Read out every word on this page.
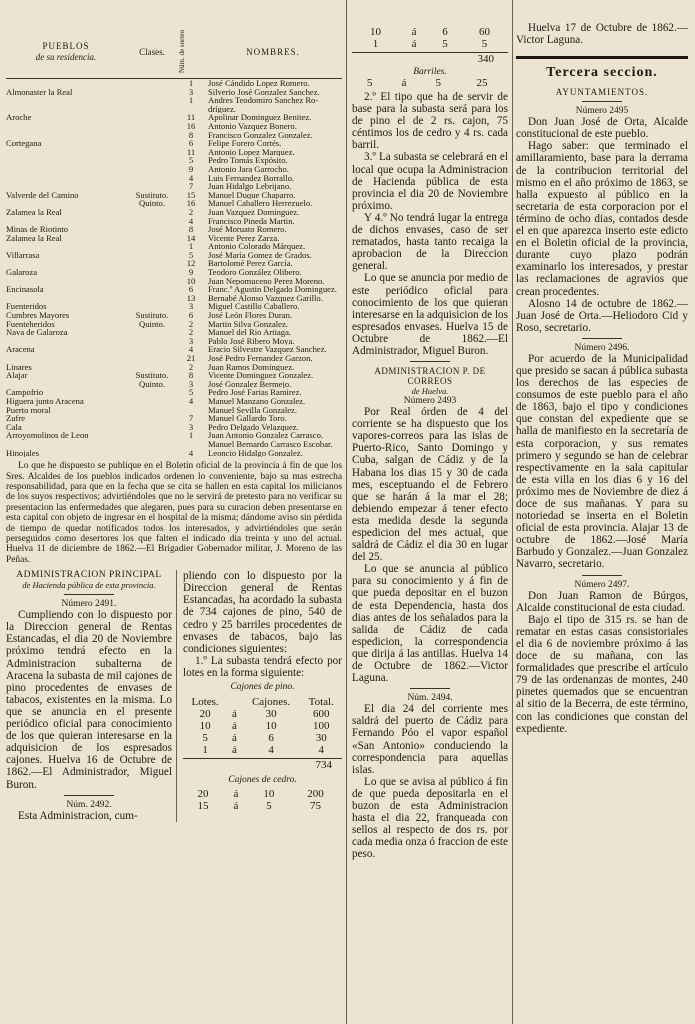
PUEBLOS
de su residencia.	Clases.	Núm. de sorteo	NOMBRES.
		1	José Cándido Lopez Romero.
Almonaster la Real		3	Silverio José Gonzalez Sanchez.
		1	Andres Teodomiro Sanchez Ro-
			dríguez.
Aroche		11	Apolinar Dominguez Benitez.
		16	Antonio Vazquez Bonero.
		8	Francisco Gonzalez Gonzalez.
Cortegana		6	Felipe Forero Cortés.
		11	Antonio Lopez Marquez.
		5	Pedro Tomás Expósito.
		9	Antonio Jara Garrocho.
		4	Luis Fernandez Borrallo.
		7	Juan Hidalgo Lebrijano.
Valverde del Camino	Sustituto.	15	Manuel Duque Chaparro.
	Quinto.	16	Manuel Caballero Herrezuelo.
Zalamea la Real		2	Juan Vazquez Dominguez.
		4	Francisco Pineda Martin.
Minas de Riotinto		8	José Moruato Romero.
Zalamea la Real		14	Vicente Perez Zarza.
		1	Antonio Colorado Márquez.
Villarrasa		5	José María Gomez de Grados.
		12	Bartolomé Perez García.
Galaroza		9	Teodoro González Olibero.
		10	Juan Nepomuceno Perez Moreno.
Encinasola		6	Franc.º Agustin Delgado Dominguez.
		13	Bernabé Alonso Vazquez Garillo.
Fuenteridos		3	Miguel Castillo Caballero.
Cumbres Mayores	Sustituto.	6	José León Flores Duran.
Fuenteheridos	Quinto.	2	Martin Silva Gonzalez.
Nava de Galaroza		2	Manuel del Rio Artiaga.
		3	Pablo José Ribero Moya.
Aracena		4	Eracio Silvestre Vazquez Sanchez.
		21	José Pedro Fernandez Garzon.
Linares		2	Juan Ramos Dominguez.
Alajar	Sustituto.	8	Vicente Dominguez Gonzalez.
	Quinto.	3	José Gonzalez Bermejo.
Campofrio		5	Pedro José Farias Ramirez.
Higuera junto Aracena		4	Manuel Manzano Gonzalez.
Puerto moral			Manuel Sevilla Gonzalez.
Zufre		7	Manuel Gallardo Toro.
Cala		3	Pedro Delgado Velazquez.
Arroyomolinos de Leon		1	Juan Antonio Gonzalez Carrasco.
			Manuel Bernardo Carrasco Escobar.
Hinojales		4	Leoncio Hidalgo Gonzalez.

Lo que he dispuesto se publique en el Boletin oficial de la provincia á fin de que los Sres. Alcaldes de los pueblos indicados ordenen lo conveniente, bajo su mas estrecha responsabilidad, para que en la fecha que se cita se hallen en esta capital los milicianos de los suyos respectivos; advirtiéndoles que no le servirá de pretesto para no verificar su presentacion las enfermedades que alegaren, pues para su curacion deben presentarse en esta capital con objeto de ingresar en el hospital de la misma; dándome aviso sin pérdida de tiempo de quedar notificados todos los interesados, y advirtiéndoles que serán perseguidos como desertores los que falten el indicado dia treinta y uno del actual. Huelva 11 de diciembre de 1862.—El Brigadier Gobernador militar, J. Moreno de las Peñas.

ADMINISTRACION PRINCIPAL
de Hacienda pública de esta provincia.
Número 2491.

Cumpliendo con lo dispuesto por la Direccion general de Rentas Estancadas, el dia 20 de Noviembre próximo tendrá efecto en la Administracion subalterna de Aracena la subasta de mil cajones de pino procedentes de envases de tabacos, existentes en la misma. Lo que se anuncia en el presente periódico oficial para conocimiento de los que quieran interesarse en la adquisicion de los espresados cajones. Huelva 16 de Octubre de 1862.—El Administrador, Miguel Buron.

Núm. 2492.

Esta Administracion, cum-

pliendo con lo dispuesto por la Direccion general de Rentas Estancadas, ha acordado la subasta de 734 cajones de pino, 540 de cedro y 25 barriles procedentes de envases de tabacos, bajo las condiciones siguientes:

1.º La subasta tendrá efecto por lotes en la forma siguiente:

Cajones de pino.
Lotes.		Cajones.	Total.
20	á	30	600
10	á	10	100
5	á	6	30
1	á	4	4
734
Cajones de cedro.
20	á	10	200
15	á	5	75
10	á	6	60
1	á	5	5
340
Barriles.
5	á	5	25

2.º El tipo que ha de servir de base para la subasta será para los de pino el de 2 rs. cajon, 75 céntimos los de cedro y 4 rs. cada barril.

3.º La subasta se celebrará en el local que ocupa la Administracion de Hacienda pública de esta provincia el dia 20 de Noviembre próximo.

Y 4.º No tendrá lugar la entrega de dichos envases, caso de ser rematados, hasta tanto recaiga la aprobacion de la Direccion general.

Lo que se anuncia por medio de este periódico oficial para conocimiento de los que quieran interesarse en la adquisicion de los espresados envases. Huelva 15 de Octubre de 1862.—El Administrador, Miguel Buron.

ADMINISTRACION P. DE CORREOS
de Huelva.
Número 2493

Por Real órden de 4 del corriente se ha dispuesto que los vapores-correos para las islas de Puerto-Rico, Santo Domingo y Cuba, salgan de Cádiz y de la Habana los dias 15 y 30 de cada mes, esceptuando el de Febrero que se harán á la mar el 28; debiendo empezar á tener efecto esta medida desde la segunda espedicion del mes actual, que saldrá de Cádiz el dia 30 en lugar del 25.

Lo que se anuncia al público para su conocimiento y á fin de que pueda depositar en el buzon de esta Dependencia, hasta dos dias antes de los señalados para la salida de Cádiz de cada espedicion, la correspondencia que dirija á las antillas. Huelva 14 de Octubre de 1862.—Victor Laguna.

Núm. 2494.

El dia 24 del corriente mes saldrá del puerto de Cádiz para Fernando Póo el vapor español «San Antonio» conduciendo la correspondencia para aquellas islas.

Lo que se avisa al público á fin de que pueda depositarla en el buzon de esta Administracion hasta el dia 22, franqueada con sellos al respecto de dos rs. por cada media onza ó fraccion de este peso.

Huelva 17 de Octubre de 1862.—Victor Laguna.

Tercera seccion.
AYUNTAMIENTOS.
Número 2495

Don Juan José de Orta, Alcalde constitucional de este pueblo.

Hago saber: que terminado el amillaramiento, base para la derrama de la contribucion territorial del mismo en el año próximo de 1863, se halla expuesto al público en la secretaria de esta corporacion por el término de ocho dias, contados desde el en que aparezca inserto este edicto en el Boletin oficial de la provincia, durante cuyo plazo podrán examinarlo los interesados, y prestar las reclamaciones de agravios que crean procedentes.

Alosno 14 de octubre de 1862.—Juan José de Orta.—Heliodoro Cid y Roso, secretario.

Número 2496.

Por acuerdo de la Municipalidad que presido se sacan á pública subasta los derechos de las especies de consumos de este pueblo para el año de 1863, bajo el tipo y condiciones que constan del expediente que se halla de manifiesto en la secretaría de esta corporacion, y sus remates primero y segundo se han de celebrar respectivamente en la sala capitular de esta villa en los dias 6 y 16 del próximo mes de Noviembre de diez á doce de sus mañanas. Y para su notoriedad se inserta en el Boletin oficial de esta provincia. Alajar 13 de octubre de 1862.—José María Barbudo y Gonzalez.—Juan Gonzalez Navarro, secretario.

Número 2497.

Don Juan Ramon de Búrgos, Alcalde constitucional de esta ciudad.

Bajo el tipo de 315 rs. se han de rematar en estas casas consistoriales el dia 6 de noviembre próximo á las doce de su mañana, con las formalidades que prescribe el artículo 79 de las ordenanzas de montes, 240 pinetes quemados que se encuentran al sitio de la Becerra, de este término, con las condiciones que constan del expediente.
